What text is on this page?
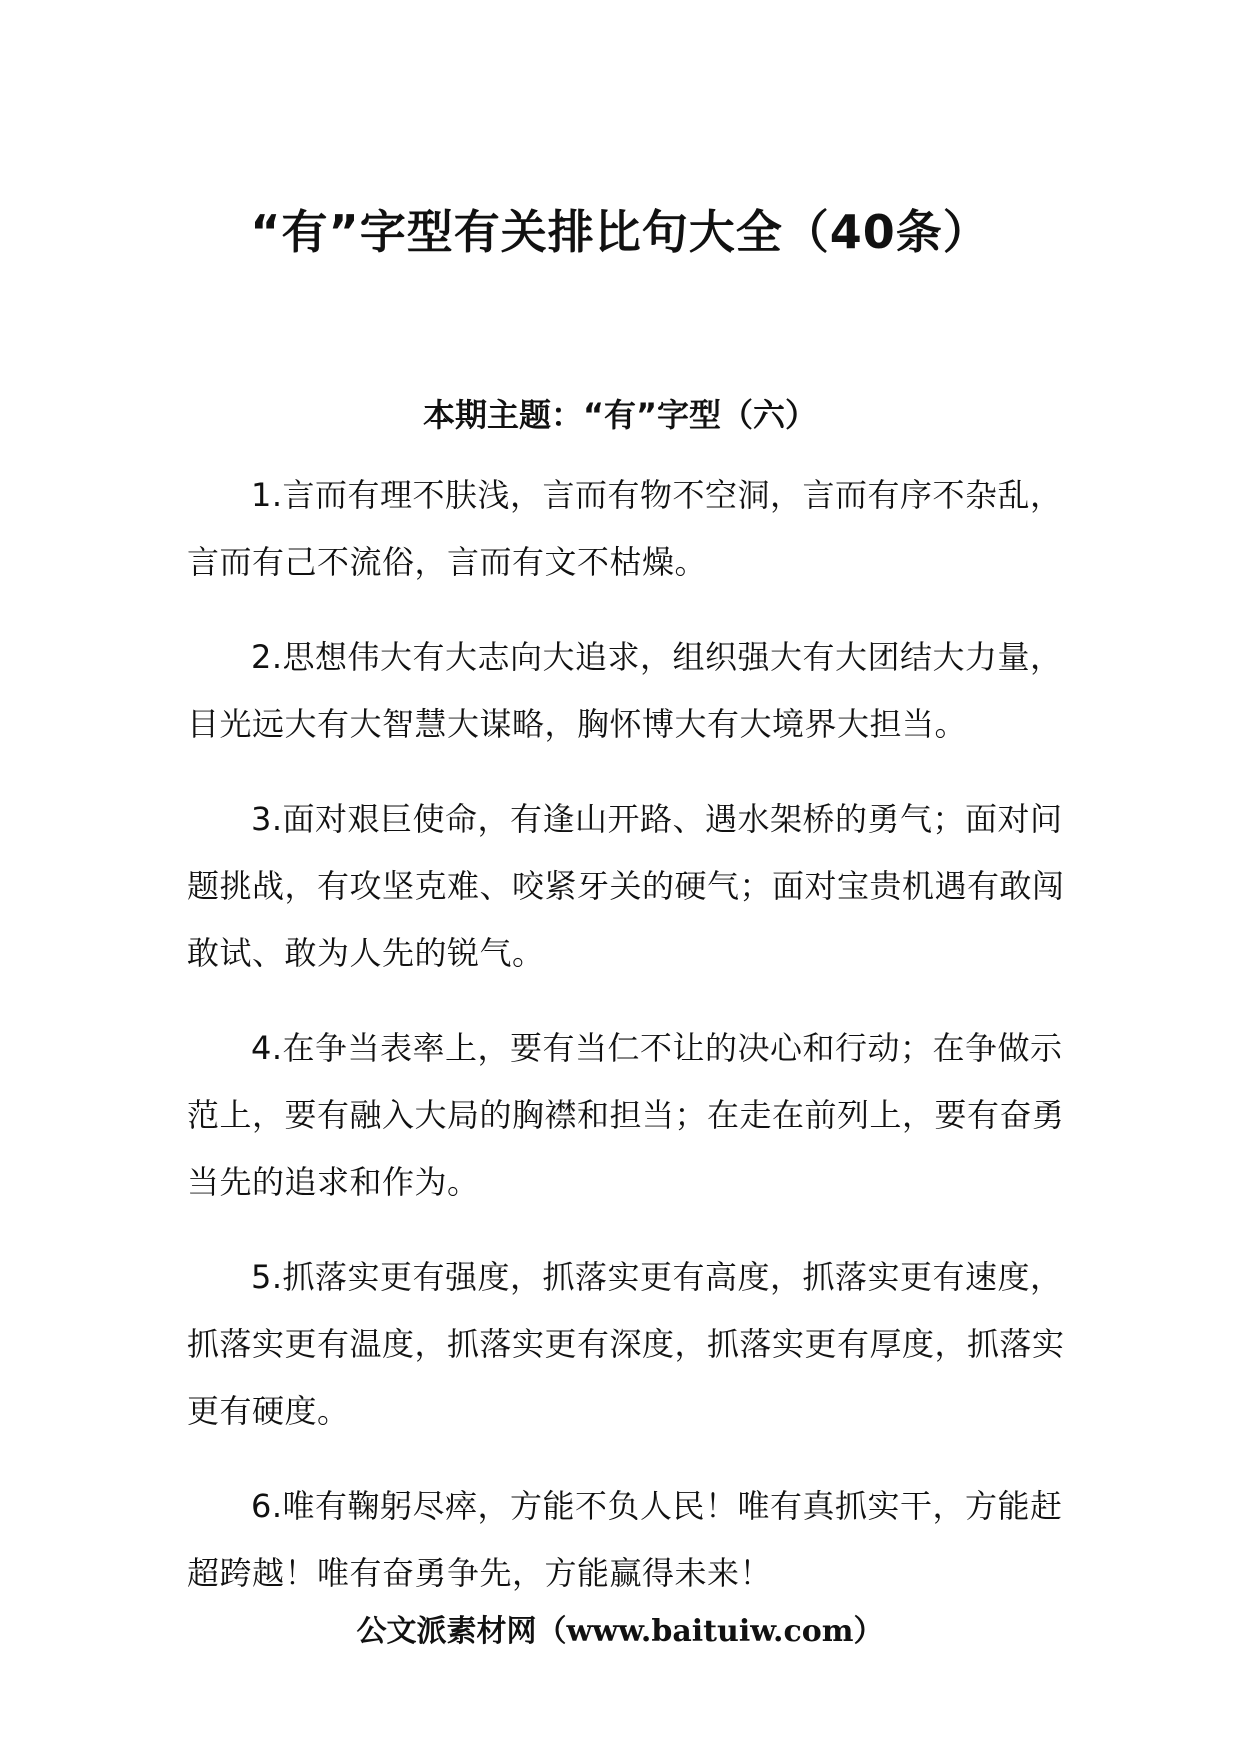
“有”字型有关排比句大全（40条）
本期主题：“有”字型（六）

1.言而有理不肤浅，言而有物不空洞，言而有序不杂乱，言而有己不流俗，言而有文不枯燥。

2.思想伟大有大志向大追求，组织强大有大团结大力量，目光远大有大智慧大谋略，胸怀博大有大境界大担当。

3.面对艰巨使命，有逢山开路、遇水架桥的勇气；面对问题挑战，有攻坚克难、咬紧牙关的硬气；面对宝贵机遇有敢闯敢试、敢为人先的锐气。

4.在争当表率上，要有当仁不让的决心和行动；在争做示范上，要有融入大局的胸襟和担当；在走在前列上，要有奋勇当先的追求和作为。

5.抓落实更有强度，抓落实更有高度，抓落实更有速度，抓落实更有温度，抓落实更有深度，抓落实更有厚度，抓落实更有硬度。

6.唯有鞠躬尽瘁，方能不负人民！唯有真抓实干，方能赶超跨越！唯有奋勇争先，方能赢得未来！

公文派素材网（www.baituiw.com）
